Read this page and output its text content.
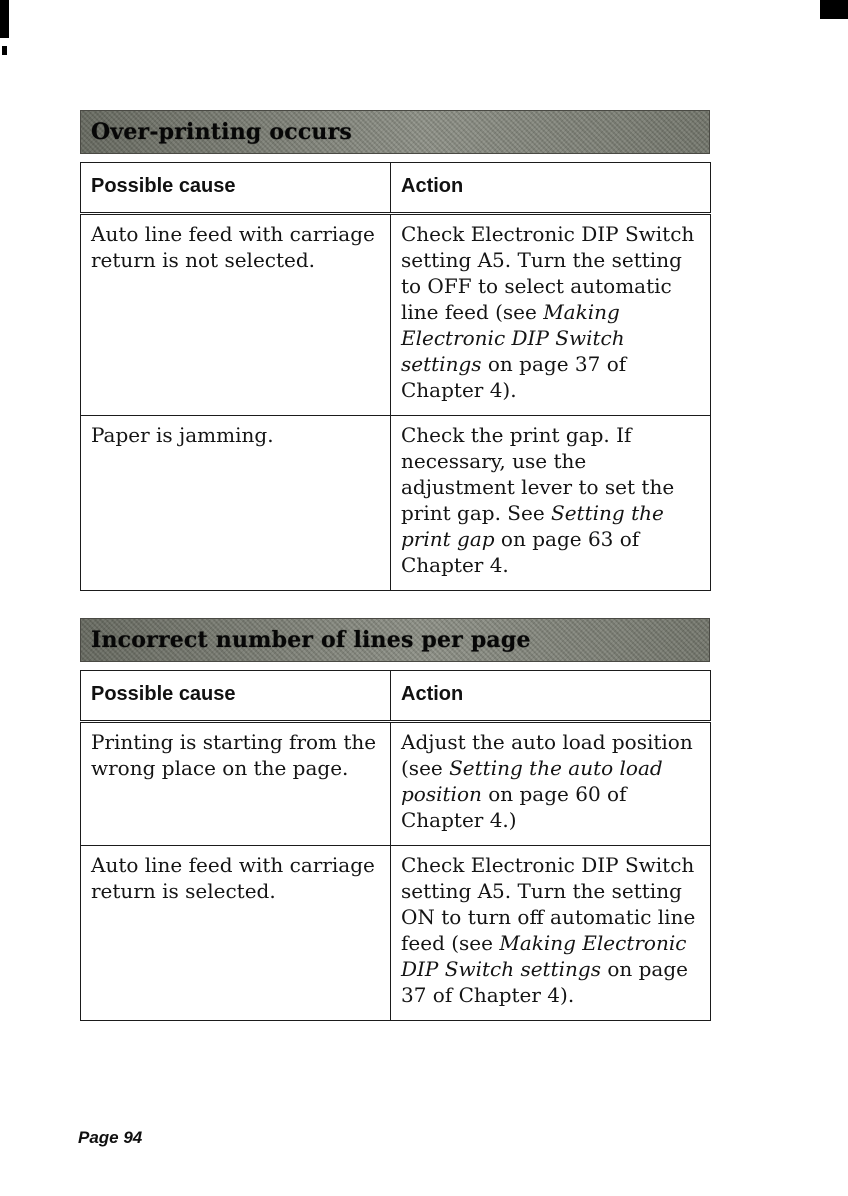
Over-printing occurs
Possible cause	Action
Auto line feed with carriage return is not selected.	Check Electronic DIP Switch setting A5. Turn the setting to OFF to select automatic line feed (see Making Electronic DIP Switch settings on page 37 of Chapter 4).
Paper is jamming.	Check the print gap. If necessary, use the adjustment lever to set the print gap. See Setting the print gap on page 63 of Chapter 4.
Incorrect number of lines per page
Possible cause	Action
Printing is starting from the wrong place on the page.	Adjust the auto load position (see Setting the auto load position on page 60 of Chapter 4.)
Auto line feed with carriage return is selected.	Check Electronic DIP Switch setting A5. Turn the setting ON to turn off automatic line feed (see Making Electronic DIP Switch settings on page 37 of Chapter 4).
Page 94
